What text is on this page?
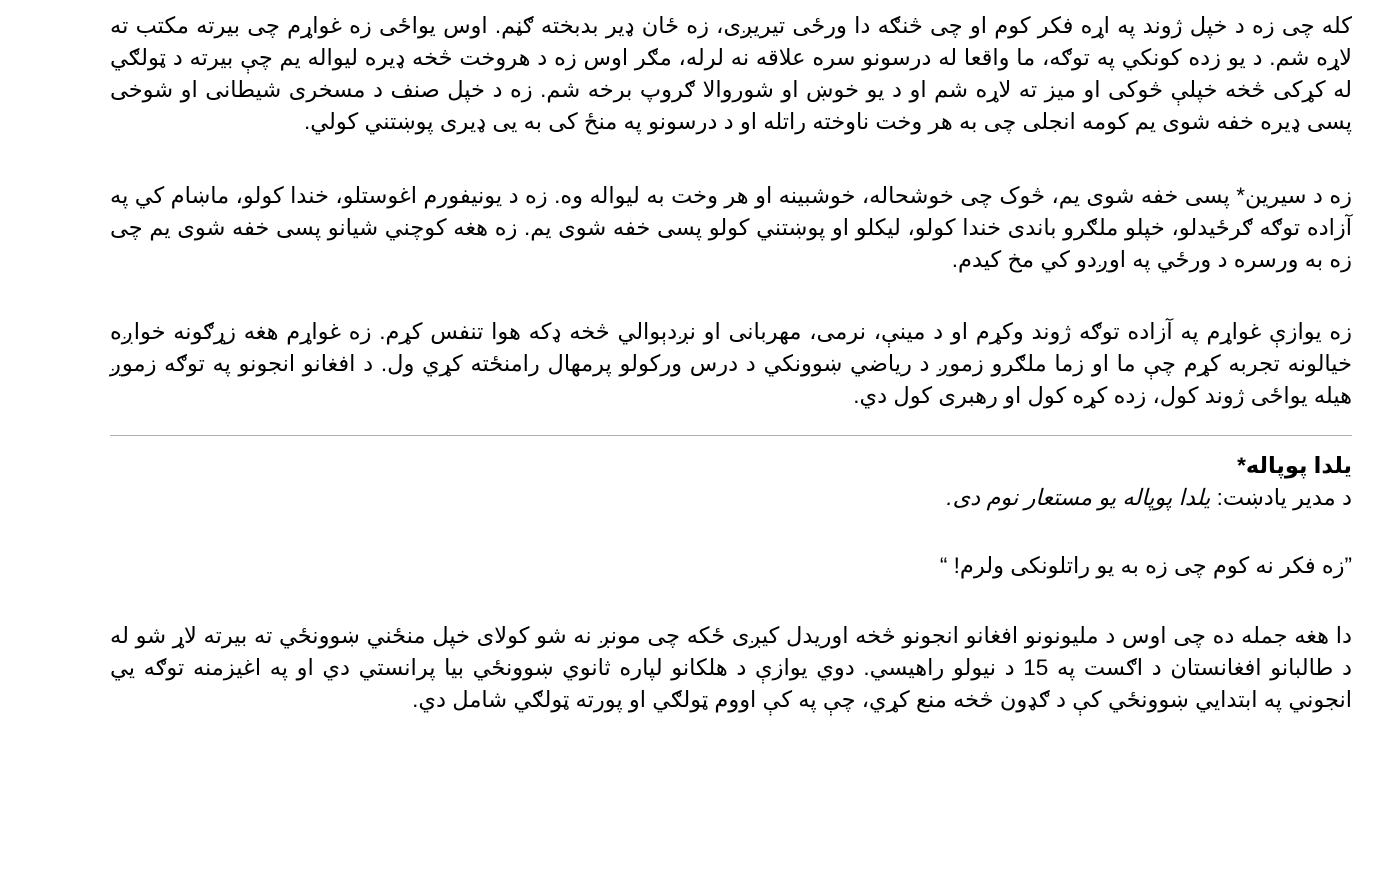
کله چی زه د خپل ژوند په اړه فکر کوم او چی څنګه دا ورځی تیریږی، زه ځان ډیر بدبخته ګڼم. اوس یواځی زه غواړم چی بیرته مکتب ته لاړه شم. د یو زده کونکي په توګه، ما واقعا له درسونو سره علاقه نه لرله، مګر اوس زه د هروخت څخه ډیره لیواله یم چې بیرته د ټولګي له کړکی څخه خپلې څوکی او میز ته لاړه شم او د یو خوښ او شوروالا ګروپ برخه شم. زه د خپل صنف د مسخری شیطانی او شوخی پسی ډیره خفه شوی یم کومه انجلی چی به هر وخت ناوخته راتله او د درسونو په منځ کی به یی ډیری پوښتني کولي.

زه د سیرین* پسی خفه شوی یم، څوک چی خوشحاله، خوشبینه او هر وخت به لیواله وه. زه د یونیفورم اغوستلو، خندا کولو، ماښام کي په آزاده توګه ګرځیدلو، خپلو ملګرو باندی خندا کولو، لیکلو او پوښتني کولو پسی خفه شوی یم. زه هغه کوچني شیانو پسی خفه شوی یم چی زه به ورسره د ورځي په اوږدو کي مخ کیدم.

زه یوازې غواړم په آزاده توګه ژوند وکړم او د مینې، نرمی، مهربانی او نږدېوالي څخه ډکه هوا تنفس کړم. زه غواړم هغه زړګونه خواږه خیالونه تجربه کړم چې ما او زما ملګرو زموږ د ریاضي ښوونکي د درس ورکولو پرمهال رامنځته کړي ول. د افغانو انجونو په توګه زموږ هیله یواځی ژوند کول، زده کړه کول او رهبری کول دي.

یلدا پوپاله*

د مدیر یادښت: یلدا پوپاله یو مستعار نوم دی.

”زه فکر نه کوم چی زه به یو راتلونکی ولرم! “

دا هغه جمله ده چی اوس د ملیونونو افغانو انجونو څخه اوریدل کیږی ځکه چی مونږ نه شو کولای خپل منځني ښوونځي ته بیرته لاړ شو له د طالبانو افغانستان د اګست په 15 د نیولو راهیسي. دوي یوازې د هلکانو لپاره ثانوي ښوونځي بیا پرانستي دي او په اغیزمنه توګه یي انجوني په ابتدایي ښوونځي کې د ګډون څخه منع کړي، چې په کې اووم ټولګي او پورته ټولګي شامل دي.
